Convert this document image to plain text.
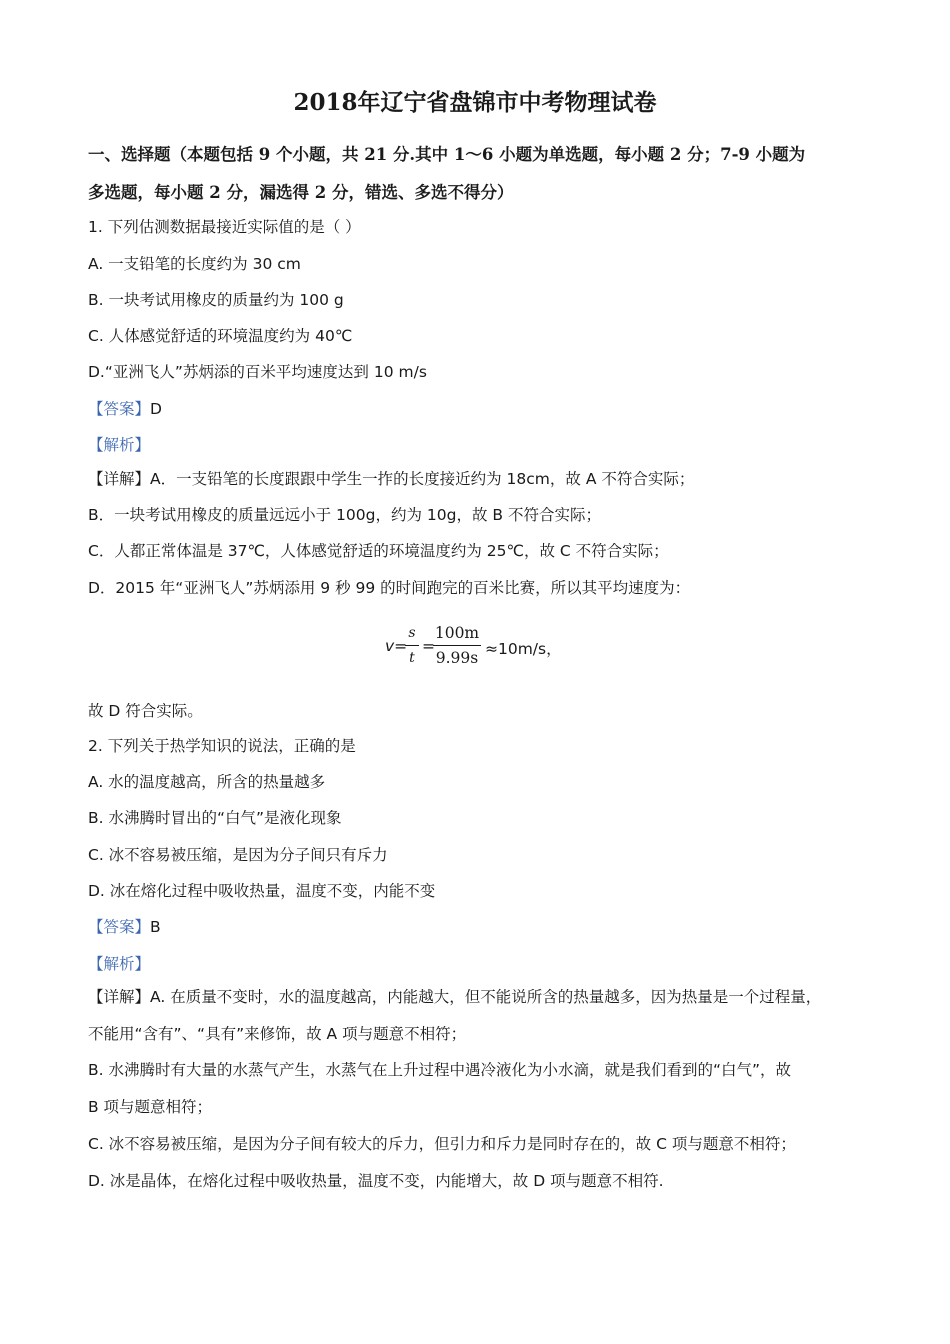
2018年辽宁省盘锦市中考物理试卷
一、选择题（本题包括 9 个小题，共 21 分.其中 1～6 小题为单选题，每小题 2 分；7-9 小题为
多选题，每小题 2 分，漏选得 2 分，错选、多选不得分）
1. 下列估测数据最接近实际值的是（ ）
A. 一支铅笔的长度约为 30 cm
B. 一块考试用橡皮的质量约为 100 g
C. 人体感觉舒适的环境温度约为 40℃
D.“亚洲飞人”苏炳添的百米平均速度达到 10 m/s
【答案】D
【解析】
【详解】A．一支铅笔的长度跟跟中学生一拃的长度接近约为 18cm，故 A 不符合实际；
B．一块考试用橡皮的质量远远小于 100g，约为 10g，故 B 不符合实际；
C．人都正常体温是 37℃，人体感觉舒适的环境温度约为 25℃，故 C 不符合实际；
D．2015 年“亚洲飞人”苏炳添用 9 秒 99 的时间跑完的百米比赛，所以其平均速度为：
v=
s
t
=
100m
9.99s ≈10m/s，
故 D 符合实际。
2. 下列关于热学知识的说法，正确的是
A. 水的温度越高，所含的热量越多
B. 水沸腾时冒出的“白气”是液化现象
C. 冰不容易被压缩，是因为分子间只有斥力
D. 冰在熔化过程中吸收热量，温度不变，内能不变
【答案】B
【解析】
【详解】A. 在质量不变时，水的温度越高，内能越大，但不能说所含的热量越多，因为热量是一个过程量，
不能用“含有”、“具有”来修饰，故 A 项与题意不相符；
B. 水沸腾时有大量的水蒸气产生，水蒸气在上升过程中遇冷液化为小水滴，就是我们看到的“白气”，故
B 项与题意相符；
C. 冰不容易被压缩，是因为分子间有较大的斥力，但引力和斥力是同时存在的，故 C 项与题意不相符；
D. 冰是晶体，在熔化过程中吸收热量，温度不变，内能增大，故 D 项与题意不相符.
